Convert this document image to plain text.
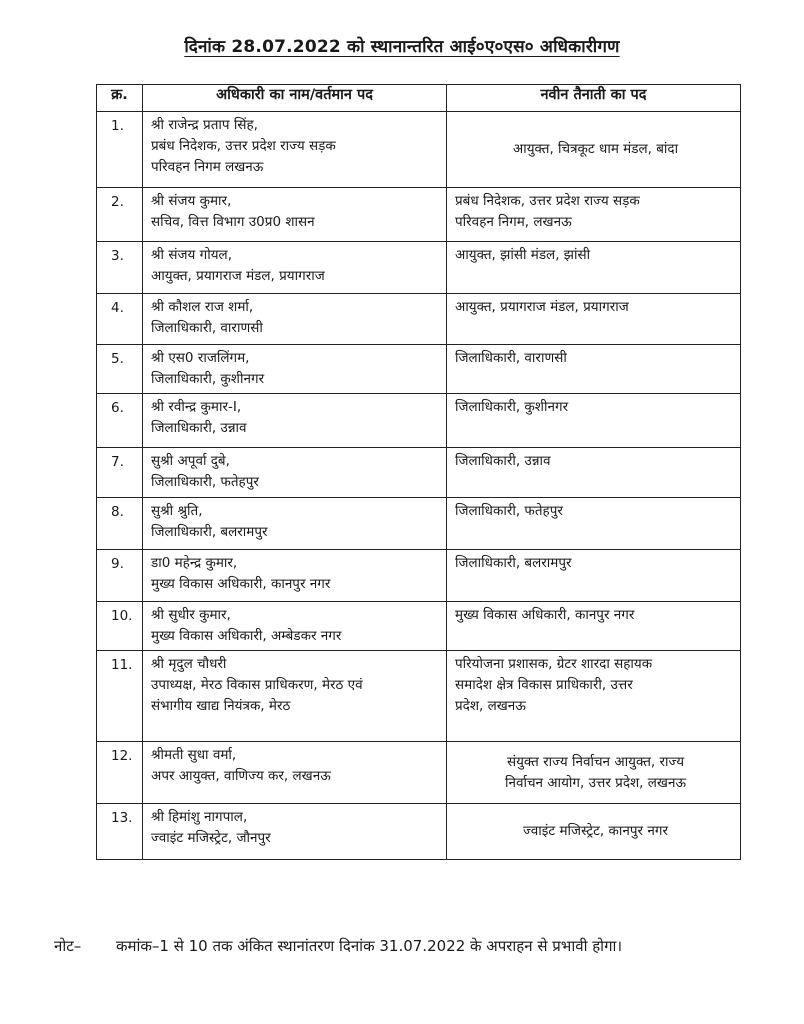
दिनांक 28.07.2022 को स्थानान्तरित आई०ए०एस० अधिकारीगण
क्र.	अधिकारी का नाम/वर्तमान पद	नवीन तैनाती का पद
1.	श्री राजेन्द्र प्रताप सिंह,
प्रबंध निदेशक, उत्तर प्रदेश राज्य सड़क
परिवहन निगम लखनऊ	आयुक्त, चित्रकूट धाम मंडल, बांदा

2.	श्री संजय कुमार,
सचिव, वित्त विभाग उ0प्र0 शासन	प्रबंध निदेशक, उत्तर प्रदेश राज्य सड़क
परिवहन निगम, लखनऊ

3.	श्री संजय गोयल,
आयुक्त, प्रयागराज मंडल, प्रयागराज	आयुक्त, झांसी मंडल, झांसी

4.	श्री कौशल राज शर्मा,
जिलाधिकारी, वाराणसी	आयुक्त, प्रयागराज मंडल, प्रयागराज

5.	श्री एस0 राजलिंगम,
जिलाधिकारी, कुशीनगर	जिलाधिकारी, वाराणसी

6.	श्री रवीन्द्र कुमार-I,
जिलाधिकारी, उन्नाव	जिलाधिकारी, कुशीनगर

7.	सुश्री अपूर्वा दुबे,
जिलाधिकारी, फतेहपुर	जिलाधिकारी, उन्नाव

8.	सुश्री श्रुति,
जिलाधिकारी, बलरामपुर	जिलाधिकारी, फतेहपुर

9.	डा0 महेन्द्र कुमार,
मुख्य विकास अधिकारी, कानपुर नगर	जिलाधिकारी, बलरामपुर

10.	श्री सुधीर कुमार,
मुख्य विकास अधिकारी, अम्बेडकर नगर	मुख्य विकास अधिकारी, कानपुर नगर

11.	श्री मृदुल चौधरी
उपाध्यक्ष, मेरठ विकास प्राधिकरण, मेरठ एवं
संभागीय खाद्य नियंत्रक, मेरठ	परियोजना प्रशासक, ग्रेटर शारदा सहायक
समादेश क्षेत्र विकास प्राधिकारी, उत्तर
प्रदेश, लखनऊ

12.	श्रीमती सुधा वर्मा,
अपर आयुक्त, वाणिज्य कर, लखनऊ	संयुक्त राज्य निर्वाचन आयुक्त, राज्य
निर्वाचन आयोग, उत्तर प्रदेश, लखनऊ

13.	श्री हिमांशु नागपाल,
ज्वाइंट मजिस्ट्रेट, जौनपुर	ज्वाइंट मजिस्ट्रेट, कानपुर नगर
नोट– कमांक–1 से 10 तक अंकित स्थानांतरण दिनांक 31.07.2022 के अपराहन से प्रभावी होगा।
